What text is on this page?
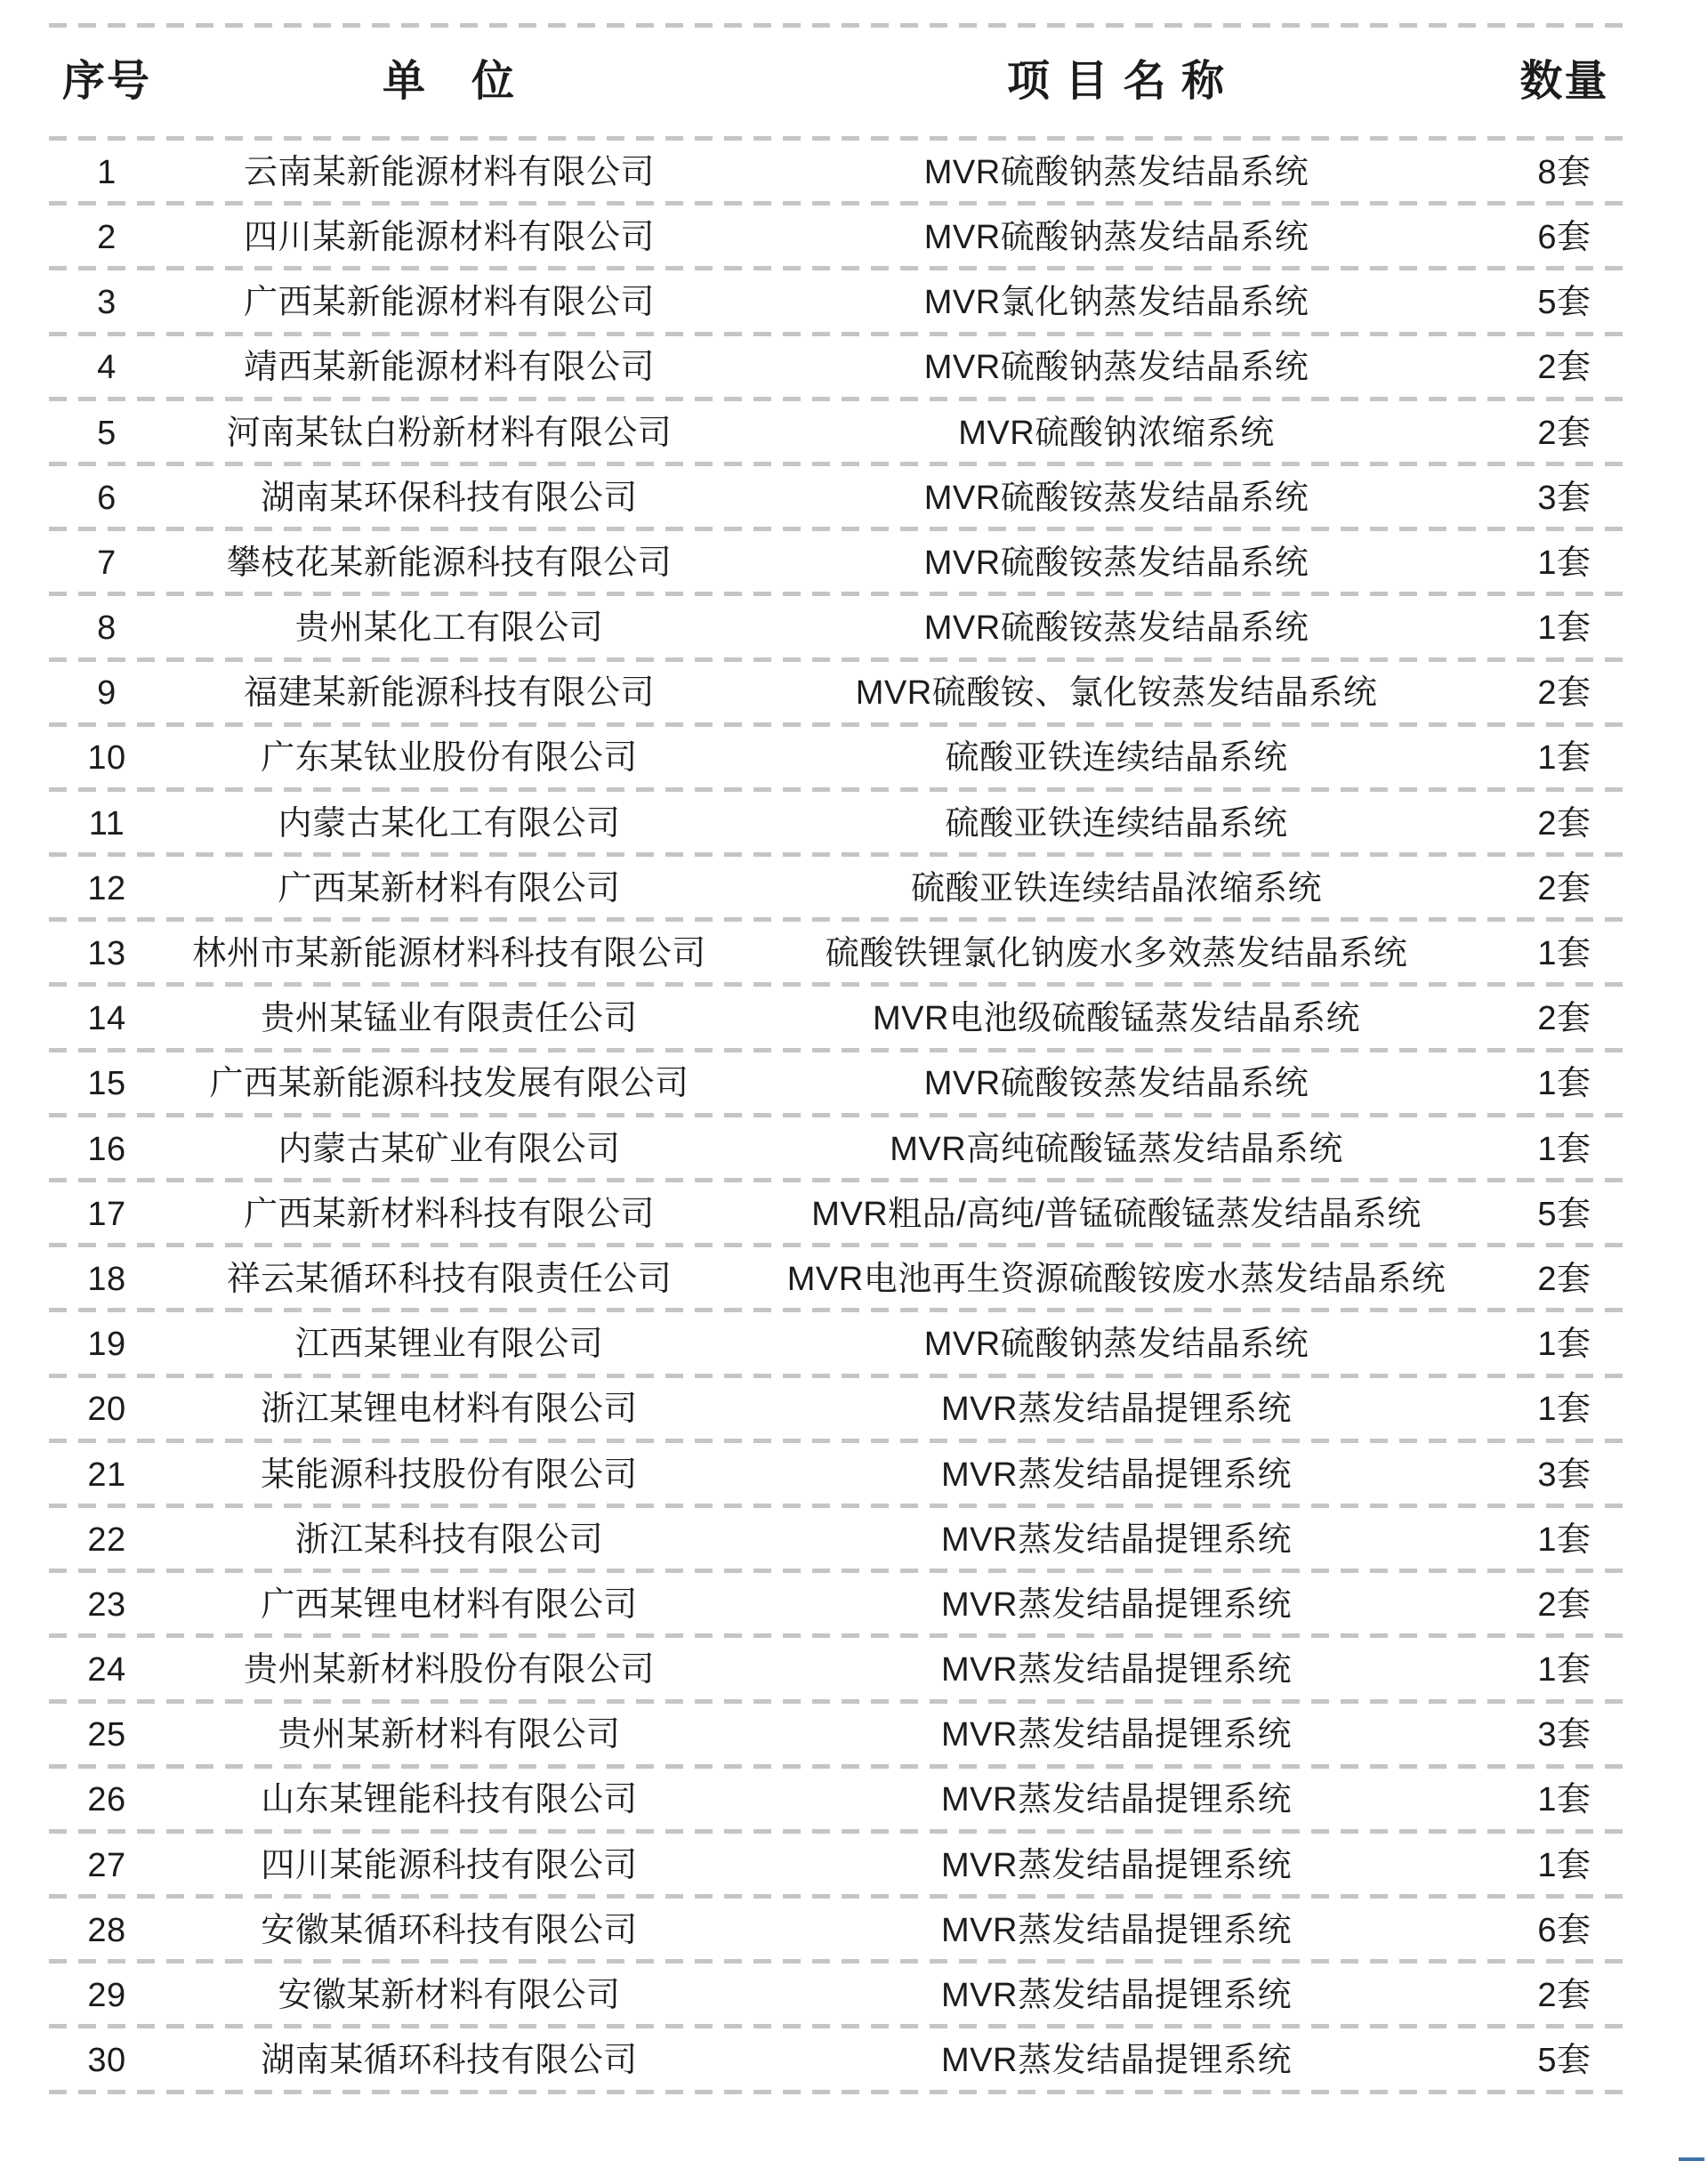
序号	单　位	项 目 名 称	数量
1	云南某新能源材料有限公司	MVR硫酸钠蒸发结晶系统	8套
2	四川某新能源材料有限公司	MVR硫酸钠蒸发结晶系统	6套
3	广西某新能源材料有限公司	MVR氯化钠蒸发结晶系统	5套
4	靖西某新能源材料有限公司	MVR硫酸钠蒸发结晶系统	2套
5	河南某钛白粉新材料有限公司	MVR硫酸钠浓缩系统	2套
6	湖南某环保科技有限公司	MVR硫酸铵蒸发结晶系统	3套
7	攀枝花某新能源科技有限公司	MVR硫酸铵蒸发结晶系统	1套
8	贵州某化工有限公司	MVR硫酸铵蒸发结晶系统	1套
9	福建某新能源科技有限公司	MVR硫酸铵、氯化铵蒸发结晶系统	2套
10	广东某钛业股份有限公司	硫酸亚铁连续结晶系统	1套
11	内蒙古某化工有限公司	硫酸亚铁连续结晶系统	2套
12	广西某新材料有限公司	硫酸亚铁连续结晶浓缩系统	2套
13	林州市某新能源材料科技有限公司	硫酸铁锂氯化钠废水多效蒸发结晶系统	1套
14	贵州某锰业有限责任公司	MVR电池级硫酸锰蒸发结晶系统	2套
15	广西某新能源科技发展有限公司	MVR硫酸铵蒸发结晶系统	1套
16	内蒙古某矿业有限公司	MVR高纯硫酸锰蒸发结晶系统	1套
17	广西某新材料科技有限公司	MVR粗品/高纯/普锰硫酸锰蒸发结晶系统	5套
18	祥云某循环科技有限责任公司	MVR电池再生资源硫酸铵废水蒸发结晶系统	2套
19	江西某锂业有限公司	MVR硫酸钠蒸发结晶系统	1套
20	浙江某锂电材料有限公司	MVR蒸发结晶提锂系统	1套
21	某能源科技股份有限公司	MVR蒸发结晶提锂系统	3套
22	浙江某科技有限公司	MVR蒸发结晶提锂系统	1套
23	广西某锂电材料有限公司	MVR蒸发结晶提锂系统	2套
24	贵州某新材料股份有限公司	MVR蒸发结晶提锂系统	1套
25	贵州某新材料有限公司	MVR蒸发结晶提锂系统	3套
26	山东某锂能科技有限公司	MVR蒸发结晶提锂系统	1套
27	四川某能源科技有限公司	MVR蒸发结晶提锂系统	1套
28	安徽某循环科技有限公司	MVR蒸发结晶提锂系统	6套
29	安徽某新材料有限公司	MVR蒸发结晶提锂系统	2套
30	湖南某循环科技有限公司	MVR蒸发结晶提锂系统	5套
